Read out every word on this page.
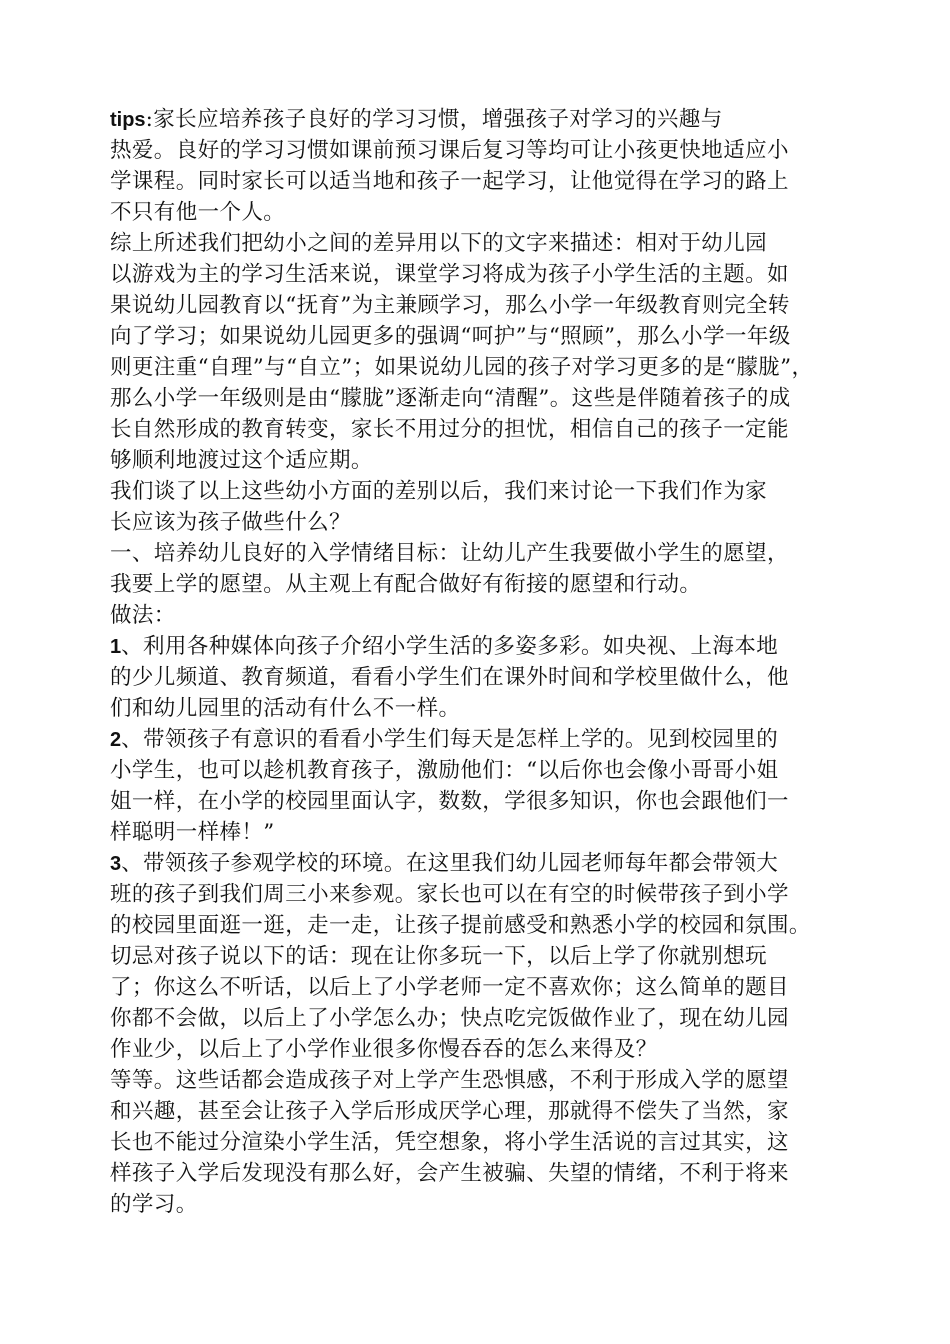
tips:家长应培养孩子良好的学习习惯，增强孩子对学习的兴趣与
热爱。良好的学习习惯如课前预习课后复习等均可让小孩更快地适应小
学课程。同时家长可以适当地和孩子一起学习，让他觉得在学习的路上
不只有他一个人。
综上所述我们把幼小之间的差异用以下的文字来描述：相对于幼儿园
以游戏为主的学习生活来说，课堂学习将成为孩子小学生活的主题。如
果说幼儿园教育以“抚育”为主兼顾学习，那么小学一年级教育则完全转
向了学习；如果说幼儿园更多的强调“呵护”与“照顾”，那么小学一年级
则更注重“自理”与“自立”；如果说幼儿园的孩子对学习更多的是“朦胧”，
那么小学一年级则是由“朦胧”逐渐走向“清醒”。这些是伴随着孩子的成
长自然形成的教育转变，家长不用过分的担忧，相信自己的孩子一定能
够顺利地渡过这个适应期。
我们谈了以上这些幼小方面的差别以后，我们来讨论一下我们作为家
长应该为孩子做些什么？
一、培养幼儿良好的入学情绪目标：让幼儿产生我要做小学生的愿望，
我要上学的愿望。从主观上有配合做好有衔接的愿望和行动。
做法：
1、利用各种媒体向孩子介绍小学生活的多姿多彩。如央视、上海本地
的少儿频道、教育频道，看看小学生们在课外时间和学校里做什么，他
们和幼儿园里的活动有什么不一样。
2、带领孩子有意识的看看小学生们每天是怎样上学的。见到校园里的
小学生，也可以趁机教育孩子，激励他们：“以后你也会像小哥哥小姐
姐一样，在小学的校园里面认字，数数，学很多知识，你也会跟他们一
样聪明一样棒！”
3、带领孩子参观学校的环境。在这里我们幼儿园老师每年都会带领大
班的孩子到我们周三小来参观。家长也可以在有空的时候带孩子到小学
的校园里面逛一逛，走一走，让孩子提前感受和熟悉小学的校园和氛围。
切忌对孩子说以下的话：现在让你多玩一下，以后上学了你就别想玩
了；你这么不听话，以后上了小学老师一定不喜欢你；这么简单的题目
你都不会做，以后上了小学怎么办；快点吃完饭做作业了，现在幼儿园
作业少，以后上了小学作业很多你慢吞吞的怎么来得及？
等等。这些话都会造成孩子对上学产生恐惧感，不利于形成入学的愿望
和兴趣，甚至会让孩子入学后形成厌学心理，那就得不偿失了当然，家
长也不能过分渲染小学生活，凭空想象，将小学生活说的言过其实，这
样孩子入学后发现没有那么好，会产生被骗、失望的情绪，不利于将来
的学习。
